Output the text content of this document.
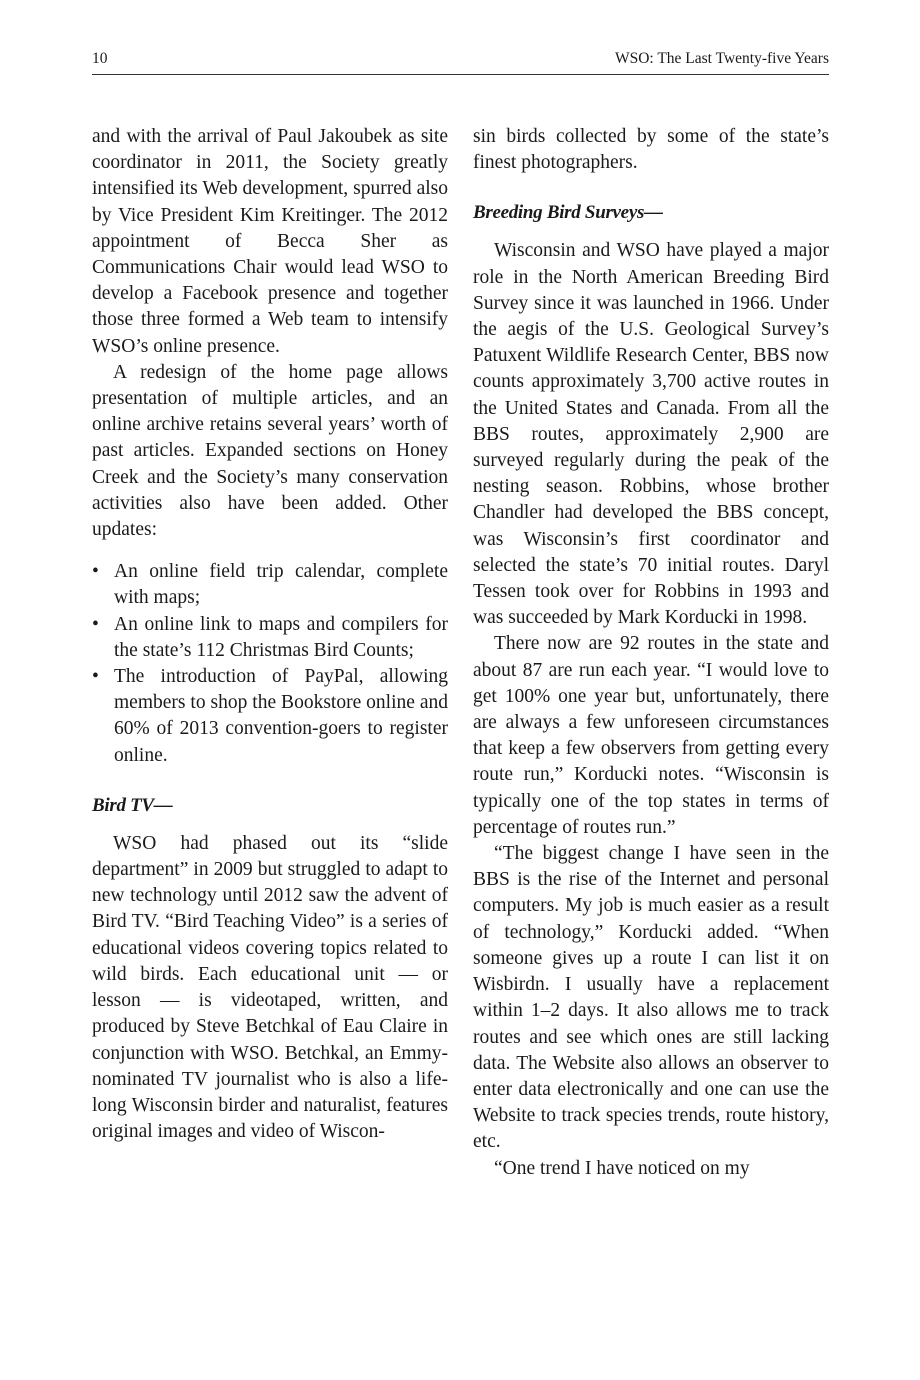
10	WSO: The Last Twenty-five Years

and with the arrival of Paul Jakoubek as site coordinator in 2011, the Society greatly intensified its Web development, spurred also by Vice President Kim Kreitinger. The 2012 appointment of Becca Sher as Communications Chair would lead WSO to develop a Facebook presence and together those three formed a Web team to intensify WSO’s online presence.

A redesign of the home page allows presentation of multiple articles, and an online archive retains several years’ worth of past articles. Expanded sections on Honey Creek and the Society’s many conservation activities also have been added. Other updates:

• An online field trip calendar, complete with maps;
• An online link to maps and compilers for the state’s 112 Christmas Bird Counts;
• The introduction of PayPal, allowing members to shop the Bookstore online and 60% of 2013 convention-goers to register online.
Bird TV—

WSO had phased out its “slide department” in 2009 but struggled to adapt to new technology until 2012 saw the advent of Bird TV. “Bird Teaching Video” is a series of educational videos covering topics related to wild birds. Each educational unit — or lesson — is videotaped, written, and produced by Steve Betchkal of Eau Claire in conjunction with WSO. Betchkal, an Emmy-nominated TV journalist who is also a life-long Wisconsin birder and naturalist, features original images and video of Wiscon-

sin birds collected by some of the state’s finest photographers.

Breeding Bird Surveys—

Wisconsin and WSO have played a major role in the North American Breeding Bird Survey since it was launched in 1966. Under the aegis of the U.S. Geological Survey’s Patuxent Wildlife Research Center, BBS now counts approximately 3,700 active routes in the United States and Canada. From all the BBS routes, approximately 2,900 are surveyed regularly during the peak of the nesting season. Robbins, whose brother Chandler had developed the BBS concept, was Wisconsin’s first coordinator and selected the state’s 70 initial routes. Daryl Tessen took over for Robbins in 1993 and was succeeded by Mark Korducki in 1998.

There now are 92 routes in the state and about 87 are run each year. “I would love to get 100% one year but, unfortunately, there are always a few unforeseen circumstances that keep a few observers from getting every route run,” Korducki notes. “Wisconsin is typically one of the top states in terms of percentage of routes run.”

“The biggest change I have seen in the BBS is the rise of the Internet and personal computers. My job is much easier as a result of technology,” Korducki added. “When someone gives up a route I can list it on Wisbirdn. I usually have a replacement within 1–2 days. It also allows me to track routes and see which ones are still lacking data. The Website also allows an observer to enter data electronically and one can use the Website to track species trends, route history, etc.

“One trend I have noticed on my
